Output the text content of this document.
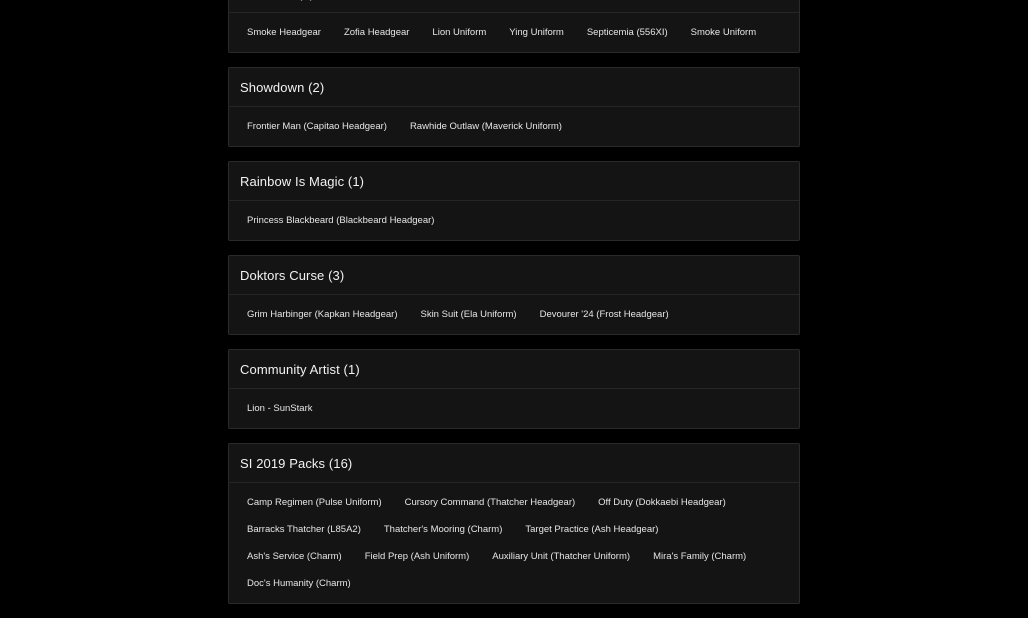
Smoke Headgear Zofia Headgear Lion Uniform Ying Uniform Septicemia (556XI) Smoke Uniform
Showdown (2)
Frontier Man (Capitao Headgear) Rawhide Outlaw (Maverick Uniform)
Rainbow Is Magic (1)
Princess Blackbeard (Blackbeard Headgear)
Doktors Curse (3)
Grim Harbinger (Kapkan Headgear) Skin Suit (Ela Uniform) Devourer '24 (Frost Headgear)
Community Artist (1)
Lion - SunStark
SI 2019 Packs (16)
Camp Regimen (Pulse Uniform) Cursory Command (Thatcher Headgear) Off Duty (Dokkaebi Headgear)
Barracks Thatcher (L85A2) Thatcher's Mooring (Charm) Target Practice (Ash Headgear)
Ash's Service (Charm) Field Prep (Ash Uniform) Auxiliary Unit (Thatcher Uniform) Mira's Family (Charm)
Doc's Humanity (Charm)
